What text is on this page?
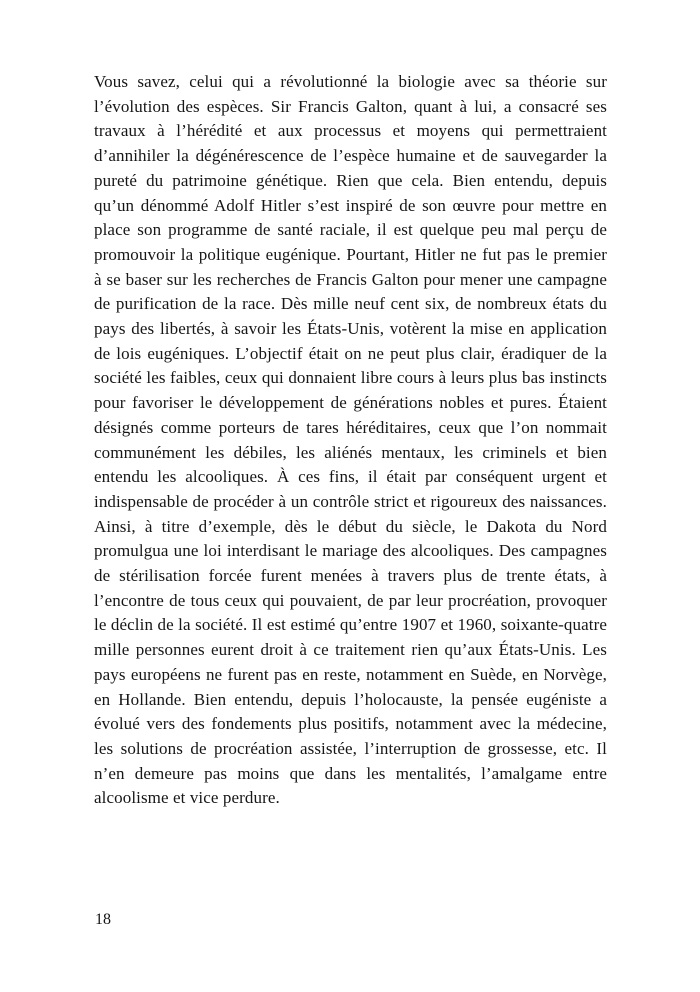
Vous savez, celui qui a révolutionné la biologie avec sa théorie sur l’évolution des espèces. Sir Francis Galton, quant à lui, a consacré ses travaux à l’hérédité et aux processus et moyens qui permettraient d’annihiler la dégénérescence de l’espèce humaine et de sauvegarder la pureté du patrimoine génétique. Rien que cela. Bien entendu, depuis qu’un dénommé Adolf Hitler s’est inspiré de son œuvre pour mettre en place son programme de santé raciale, il est quelque peu mal perçu de promouvoir la politique eugénique. Pourtant, Hitler ne fut pas le premier à se baser sur les recherches de Francis Galton pour mener une campagne de purification de la race. Dès mille neuf cent six, de nombreux états du pays des libertés, à savoir les États-Unis, votèrent la mise en application de lois eugéniques. L’objectif était on ne peut plus clair, éradiquer de la société les faibles, ceux qui donnaient libre cours à leurs plus bas instincts pour favoriser le développement de générations nobles et pures. Étaient désignés comme porteurs de tares héréditaires, ceux que l’on nommait communément les débiles, les aliénés mentaux, les criminels et bien entendu les alcooliques. À ces fins, il était par conséquent urgent et indispensable de procéder à un contrôle strict et rigoureux des naissances. Ainsi, à titre d’exemple, dès le début du siècle, le Dakota du Nord promulgua une loi interdisant le mariage des alcooliques. Des campagnes de stérilisation forcée furent menées à travers plus de trente états, à l’encontre de tous ceux qui pouvaient, de par leur procréation, provoquer le déclin de la société. Il est estimé qu’entre 1907 et 1960, soixante-quatre mille personnes eurent droit à ce traitement rien qu’aux États-Unis. Les pays européens ne furent pas en reste, notamment en Suède, en Norvège, en Hollande. Bien entendu, depuis l’holocauste, la pensée eugéniste a évolué vers des fondements plus positifs, notamment avec la médecine, les solutions de procréation assistée, l’interruption de grossesse, etc. Il n’en demeure pas moins que dans les mentalités, l’amalgame entre alcoolisme et vice perdure.

18
